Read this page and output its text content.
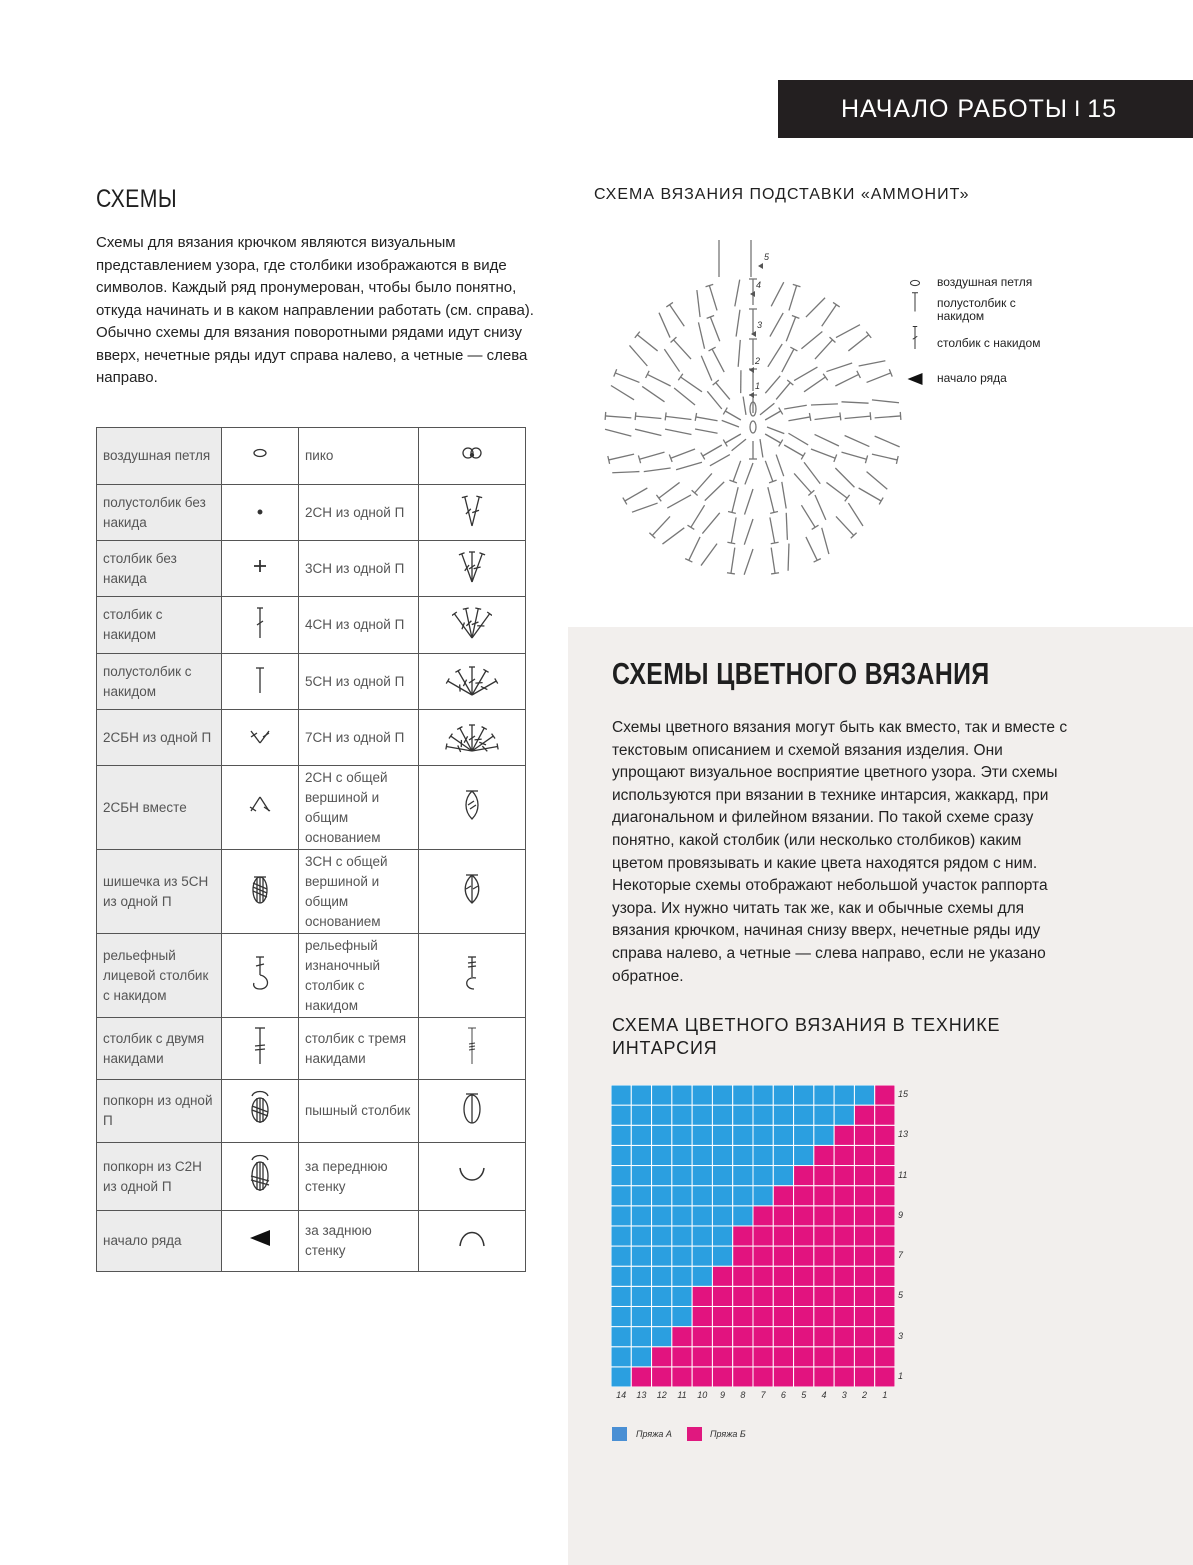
НАЧАЛО РАБОТЫ I 15
СХЕМЫ

Схемы для вязания крючком являются визуальным представлением узора, где столбики изображаются в виде символов. Каждый ряд пронумерован, чтобы было понятно, откуда начинать и в каком направлении работать (см. справа). Обычно схемы для вязания поворотными рядами идут снизу вверх, нечетные ряды идут справа налево, а четные — слева направо.

воздушная петля		пико	
полустолбик без накида		2СН из одной П	
столбик без накида		3СН из одной П	
столбик с накидом		4СН из одной П	
полустолбик с накидом		5СН из одной П	
2СБН из одной П		7СН из одной П	
2СБН вместе		2СН с общей вершиной и общим основанием	
шишечка из 5СН из одной П		3СН с общей вершиной и общим основанием	
рельефный лицевой столбик с накидом		рельефный изнаночный столбик с накидом	
столбик с двумя накидами		столбик с тремя накидами	
попкорн из одной П		пышный столбик	
попкорн из С2Н из одной П		за переднюю стенку	
начало ряда		за заднюю стенку	
СХЕМА ВЯЗАНИЯ ПОДСТАВКИ «АММОНИТ»
1
2
3
4
5
воздушная петля
полустолбик с накидом
столбик с накидом
начало ряда
СХЕМЫ ЦВЕТНОГО ВЯЗАНИЯ

Схемы цветного вязания могут быть как вместо, так и вместе с текстовым описанием и схемой вязания изделия. Они упрощают визуальное восприятие цветного узора. Эти схемы используются при вязании в технике интарсия, жаккард, при диагональном и филейном вязании. По такой схеме сразу понятно, какой столбик (или несколько столбиков) каким цветом провязывать и какие цвета находятся рядом с ним. Некоторые схемы отображают небольшой участок раппорта узора. Их нужно читать так же, как и обычные схемы для вязания крючком, начиная снизу вверх, нечетные ряды иду справа налево, а четные — слева направо, если не указано обратное.

СХЕМА ЦВЕТНОГО ВЯЗАНИЯ В ТЕХНИКЕ ИНТАРСИЯ
14	13	12	11	10	9	8	7	6	5	4	3	2	1
15
13
11
9
7
5
3
1
Пряжа А	Пряжа Б
